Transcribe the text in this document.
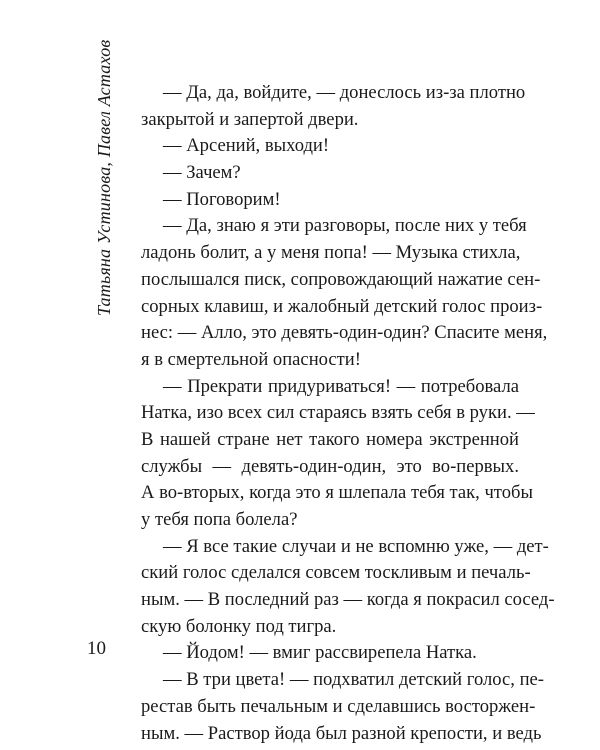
Татьяна Устинова, Павел Астахов	— Да, да, войдите, — донеслось из-за плотно
закрытой и запертой двери.
— Арсений, выходи!
— Зачем?
— Поговорим!
— Да, знаю я эти разговоры, после них у тебя
ладонь болит, а у меня попа! — Музыка стихла,
послышался писк, сопровождающий нажатие сен-
сорных клавиш, и жалобный детский голос произ-
нес: — Алло, это девять-один-один? Спасите меня,
я в смертельной опасности!
— Прекрати придуриваться! — потребовала
Натка, изо всех сил стараясь взять себя в руки. —
В нашей стране нет такого номера экстренной
службы — девять-один-один, это во-первых.
А во-вторых, когда это я шлепала тебя так, чтобы
у тебя попа болела?
— Я все такие случаи и не вспомню уже, — дет-
ский голос сделался совсем тоскливым и печаль-
ным. — В последний раз — когда я покрасил сосед-
скую болонку под тигра.
— Йодом! — вмиг рассвирепела Натка.
— В три цвета! — подхватил детский голос, пе-
рестав быть печальным и сделавшись восторжен-
ным. — Раствор йода был разной крепости, и ведь
10
